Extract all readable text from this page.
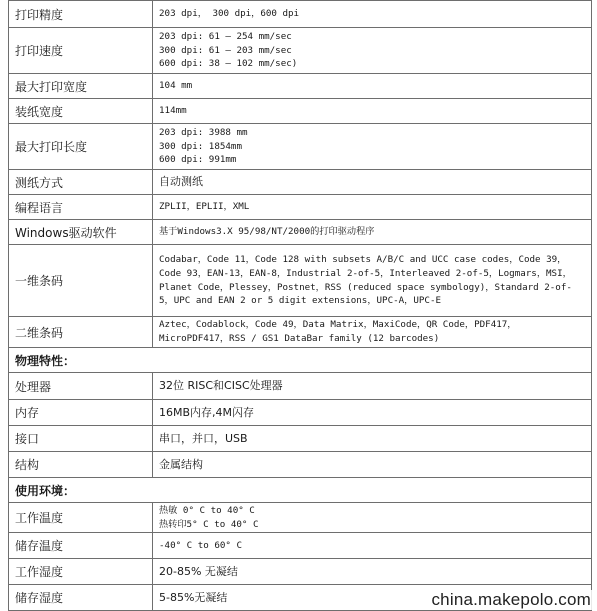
打印精度	203 dpi， 300 dpi，600 dpi
打印速度	203 dpi: 61 – 254 mm/sec
300 dpi: 61 – 203 mm/sec
600 dpi: 38 – 102 mm/sec)
最大打印宽度	104 mm
装纸宽度	114mm
最大打印长度	203 dpi: 3988 mm
300 dpi: 1854mm
600 dpi: 991mm
测纸方式	自动测纸
编程语言	ZPLII，EPLII，XML
Windows驱动软件	基于Windows3.X 95/98/NT/2000的打印驱动程序
一维条码	Codabar，Code 11，Code 128 with subsets A/B/C and UCC case codes，Code 39，Code 93，EAN-13，EAN-8，Industrial 2-of-5，Interleaved 2-of-5，Logmars，MSI，Planet Code，Plessey，Postnet，RSS (reduced space symbology)，Standard 2-of-5，UPC and EAN 2 or 5 digit extensions，UPC-A，UPC-E
二维条码	Aztec，Codablock，Code 49，Data Matrix，MaxiCode，QR Code，PDF417，MicroPDF417，RSS / GS1 DataBar family (12 barcodes)
物理特性：	
处理器	32位 RISC和CISC处理器
内存	16MB内存,4M闪存
接口	串口，并口，USB
结构	金属结构
使用环境：	
工作温度	热敏 0° C to 40° C
热转印5° C to 40° C
储存温度	-40° C to 60° C
工作湿度	20-85% 无凝结
储存湿度	5-85%无凝结	china.makepolo.com
